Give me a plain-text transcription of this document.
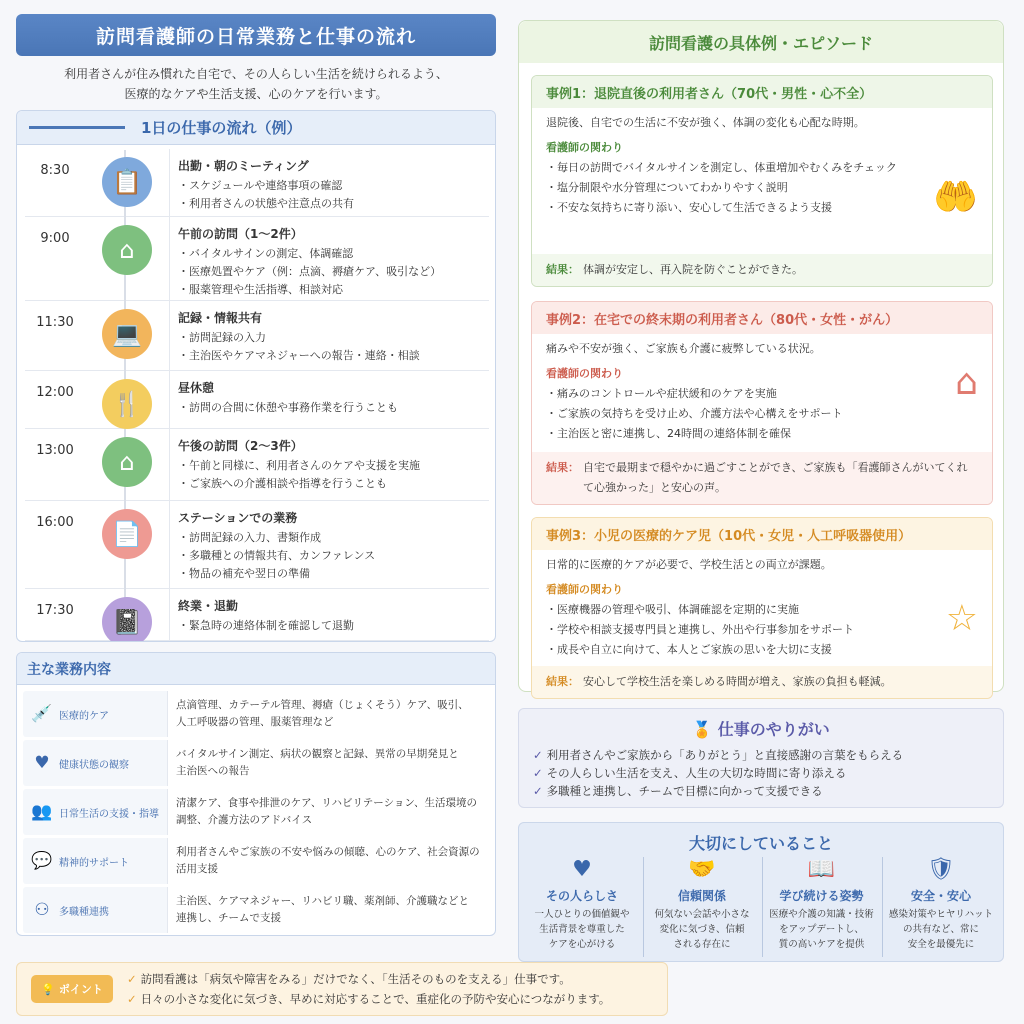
訪問看護師の日常業務と仕事の流れ
利用者さんが住み慣れた自宅で、その人らしい生活を続けられるよう、
医療的なケアや生活支援、心のケアを行います。
1日の仕事の流れ（例）
8:30	📋
出勤・朝のミーティング
・スケジュールや連絡事項の確認
・利用者さんの状態や注意点の共有
9:00	⌂
午前の訪問（1〜2件）
・バイタルサインの測定、体調確認
・医療処置やケア（例：点滴、褥瘡ケア、吸引など）
・服薬管理や生活指導、相談対応
11:30	💻
記録・情報共有
・訪問記録の入力
・主治医やケアマネジャーへの報告・連絡・相談
12:00	🍴
昼休憩
・訪問の合間に休憩や事務作業を行うことも
13:00	⌂
午後の訪問（2〜3件）
・午前と同様に、利用者さんのケアや支援を実施
・ご家族への介護相談や指導を行うことも
16:00	📄
ステーションでの業務
・訪問記録の入力、書類作成
・多職種との情報共有、カンファレンス
・物品の補充や翌日の準備
17:30	📓
終業・退勤
・緊急時の連絡体制を確認して退勤
主な業務内容
💉 医療的ケア
点滴管理、カテーテル管理、褥瘡（じょくそう）ケア、吸引、
人工呼吸器の管理、服薬管理など
♥ 健康状態の観察
バイタルサイン測定、病状の観察と記録、異常の早期発見と
主治医への報告
👥 日常生活の支援・指導
清潔ケア、食事や排泄のケア、リハビリテーション、生活環境の
調整、介護方法のアドバイス
💬 精神的サポート
利用者さんやご家族の不安や悩みの傾聴、心のケア、社会資源の
活用支援
⚇ 多職種連携
主治医、ケアマネジャー、リハビリ職、薬剤師、介護職などと
連携し、チームで支援
💡 ポイント
✓ 訪問看護は「病気や障害をみる」だけでなく、「生活そのものを支える」仕事です。
✓ 日々の小さな変化に気づき、早めに対応することで、重症化の予防や安心につながります。
訪問看護の具体例・エピソード
事例1：退院直後の利用者さん（70代・男性・心不全）
退院後、自宅での生活に不安が強く、体調の変化も心配な時期。
看護師の関わり
・毎日の訪問でバイタルサインを測定し、体重増加やむくみをチェック
・塩分制限や水分管理についてわかりやすく説明
・不安な気持ちに寄り添い、安心して生活できるよう支援	🤲
結果： 体調が安定し、再入院を防ぐことができた。
事例2：在宅での終末期の利用者さん（80代・女性・がん）
痛みや不安が強く、ご家族も介護に疲弊している状況。
看護師の関わり
・痛みのコントロールや症状緩和のケアを実施
・ご家族の気持ちを受け止め、介護方法や心構えをサポート
・主治医と密に連携し、24時間の連絡体制を確保
⌂
結果： 自宅で最期まで穏やかに過ごすことができ、ご家族も「看護師さんがいてくれて心強かった」と安心の声。
事例3：小児の医療的ケア児（10代・女児・人工呼吸器使用）
日常的に医療的ケアが必要で、学校生活との両立が課題。
看護師の関わり
・医療機器の管理や吸引、体調確認を定期的に実施
・学校や相談支援専門員と連携し、外出や行事参加をサポート
・成長や自立に向けて、本人とご家族の思いを大切に支援
☆
結果： 安心して学校生活を楽しめる時間が増え、家族の負担も軽減。
🏅 仕事のやりがい
✓ 利用者さんやご家族から「ありがとう」と直接感謝の言葉をもらえる
✓ その人らしい生活を支え、人生の大切な時間に寄り添える
✓ 多職種と連携し、チームで目標に向かって支援できる
大切にしていること
♥
その人らしさ
一人ひとりの価値観や
生活背景を尊重した
ケアを心がける
🤝
信頼関係
何気ない会話や小さな
変化に気づき、信頼
される存在に
📖
学び続ける姿勢
医療や介護の知識・技術
をアップデートし、
質の高いケアを提供
🛡
安全・安心
感染対策やヒヤリハット
の共有など、常に
安全を最優先に
